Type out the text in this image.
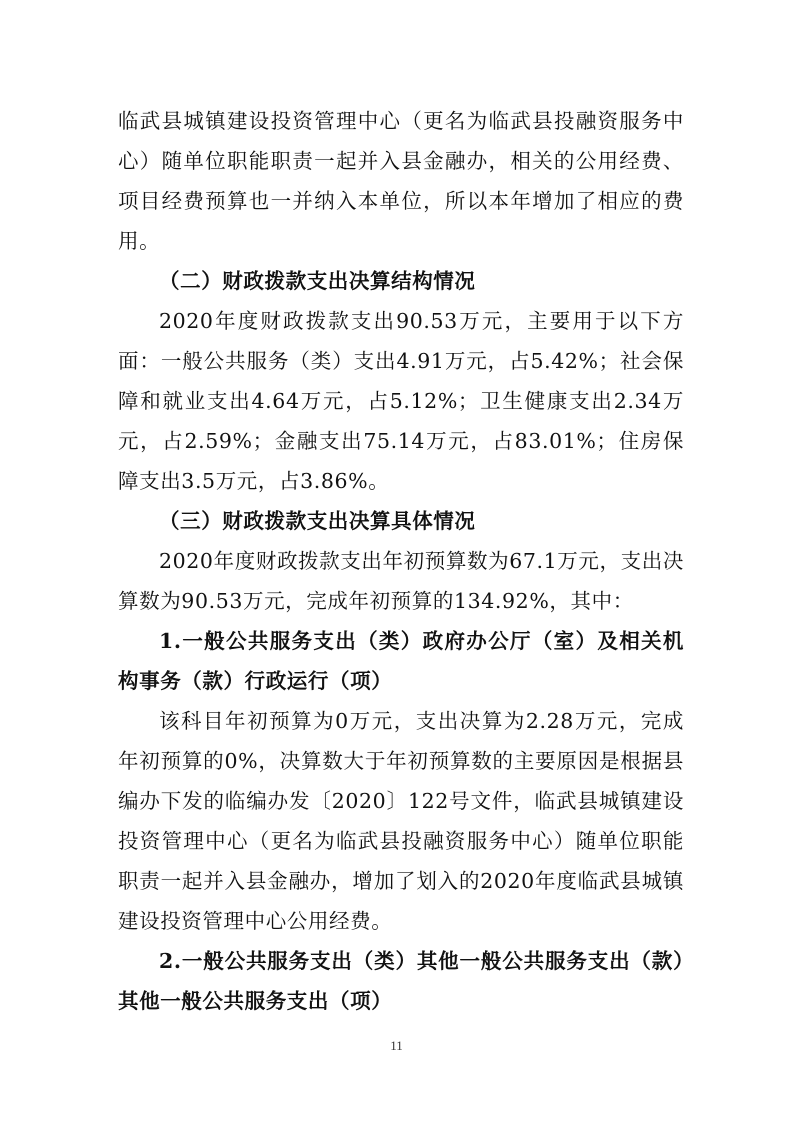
临武县城镇建设投资管理中心（更名为临武县投融资服务中心）随单位职能职责一起并入县金融办，相关的公用经费、项目经费预算也一并纳入本单位，所以本年增加了相应的费用。

（二）财政拨款支出决算结构情况

2020年度财政拨款支出90.53万元，主要用于以下方面：一般公共服务（类）支出4.91万元，占5.42%；社会保障和就业支出4.64万元，占5.12%；卫生健康支出2.34万元，占2.59%；金融支出75.14万元，占83.01%；住房保障支出3.5万元，占3.86%。

（三）财政拨款支出决算具体情况

2020年度财政拨款支出年初预算数为67.1万元，支出决算数为90.53万元，完成年初预算的134.92%，其中：

1.一般公共服务支出（类）政府办公厅（室）及相关机构事务（款）行政运行（项）

该科目年初预算为0万元，支出决算为2.28万元，完成年初预算的0%，决算数大于年初预算数的主要原因是根据县编办下发的临编办发〔2020〕122号文件，临武县城镇建设投资管理中心（更名为临武县投融资服务中心）随单位职能职责一起并入县金融办，增加了划入的2020年度临武县城镇建设投资管理中心公用经费。

2.一般公共服务支出（类）其他一般公共服务支出（款）其他一般公共服务支出（项）

11
